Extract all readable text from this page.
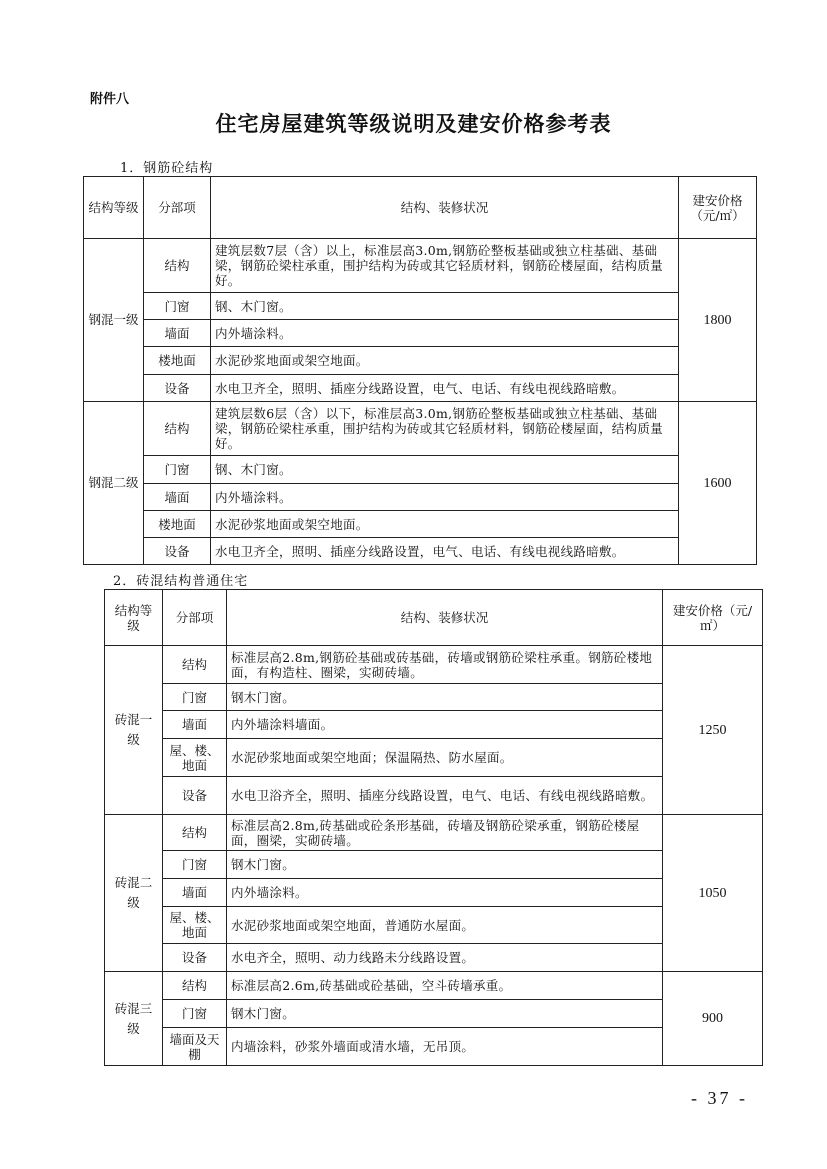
附件八
住宅房屋建筑等级说明及建安价格参考表
1．钢筋砼结构
结构等级	分部项	结构、装修状况	建安价格（元/㎡）
钢混一级	结构	建筑层数7层（含）以上，标准层高3.0m,钢筋砼整板基础或独立柱基础、基础梁，钢筋砼梁柱承重，围护结构为砖或其它轻质材料，钢筋砼楼屋面，结构质量好。	1800
	门窗	钢、木门窗。	
	墙面	内外墙涂料。	
	楼地面	水泥砂浆地面或架空地面。	
	设备	水电卫齐全，照明、插座分线路设置，电气、电话、有线电视线路暗敷。	
钢混二级	结构	建筑层数6层（含）以下，标准层高3.0m,钢筋砼整板基础或独立柱基础、基础梁，钢筋砼梁柱承重，围护结构为砖或其它轻质材料，钢筋砼楼屋面，结构质量好。	1600
	门窗	钢、木门窗。	
	墙面	内外墙涂料。	
	楼地面	水泥砂浆地面或架空地面。	
	设备	水电卫齐全，照明、插座分线路设置，电气、电话、有线电视线路暗敷。	
2．砖混结构普通住宅
结构等级	分部项	结构、装修状况	建安价格（元/㎡）
砖混一级	结构	标准层高2.8m,钢筋砼基础或砖基础，砖墙或钢筋砼梁柱承重。钢筋砼楼地面，有构造柱、圈梁，实砌砖墙。	1250
	门窗	钢木门窗。	
	墙面	内外墙涂料墙面。	
	屋、楼、地面	水泥砂浆地面或架空地面；保温隔热、防水屋面。	
	设备	水电卫浴齐全，照明、插座分线路设置，电气、电话、有线电视线路暗敷。	
砖混二级	结构	标准层高2.8m,砖基础或砼条形基础，砖墙及钢筋砼梁承重，钢筋砼楼屋面，圈梁，实砌砖墙。	1050
	门窗	钢木门窗。	
	墙面	内外墙涂料。	
	屋、楼、地面	水泥砂浆地面或架空地面，普通防水屋面。	
	设备	水电齐全，照明、动力线路未分线路设置。	
砖混三级	结构	标准层高2.6m,砖基础或砼基础，空斗砖墙承重。	900
	门窗	钢木门窗。	
	墙面及天棚	内墙涂料，砂浆外墙面或清水墙，无吊顶。	
- 37 -
